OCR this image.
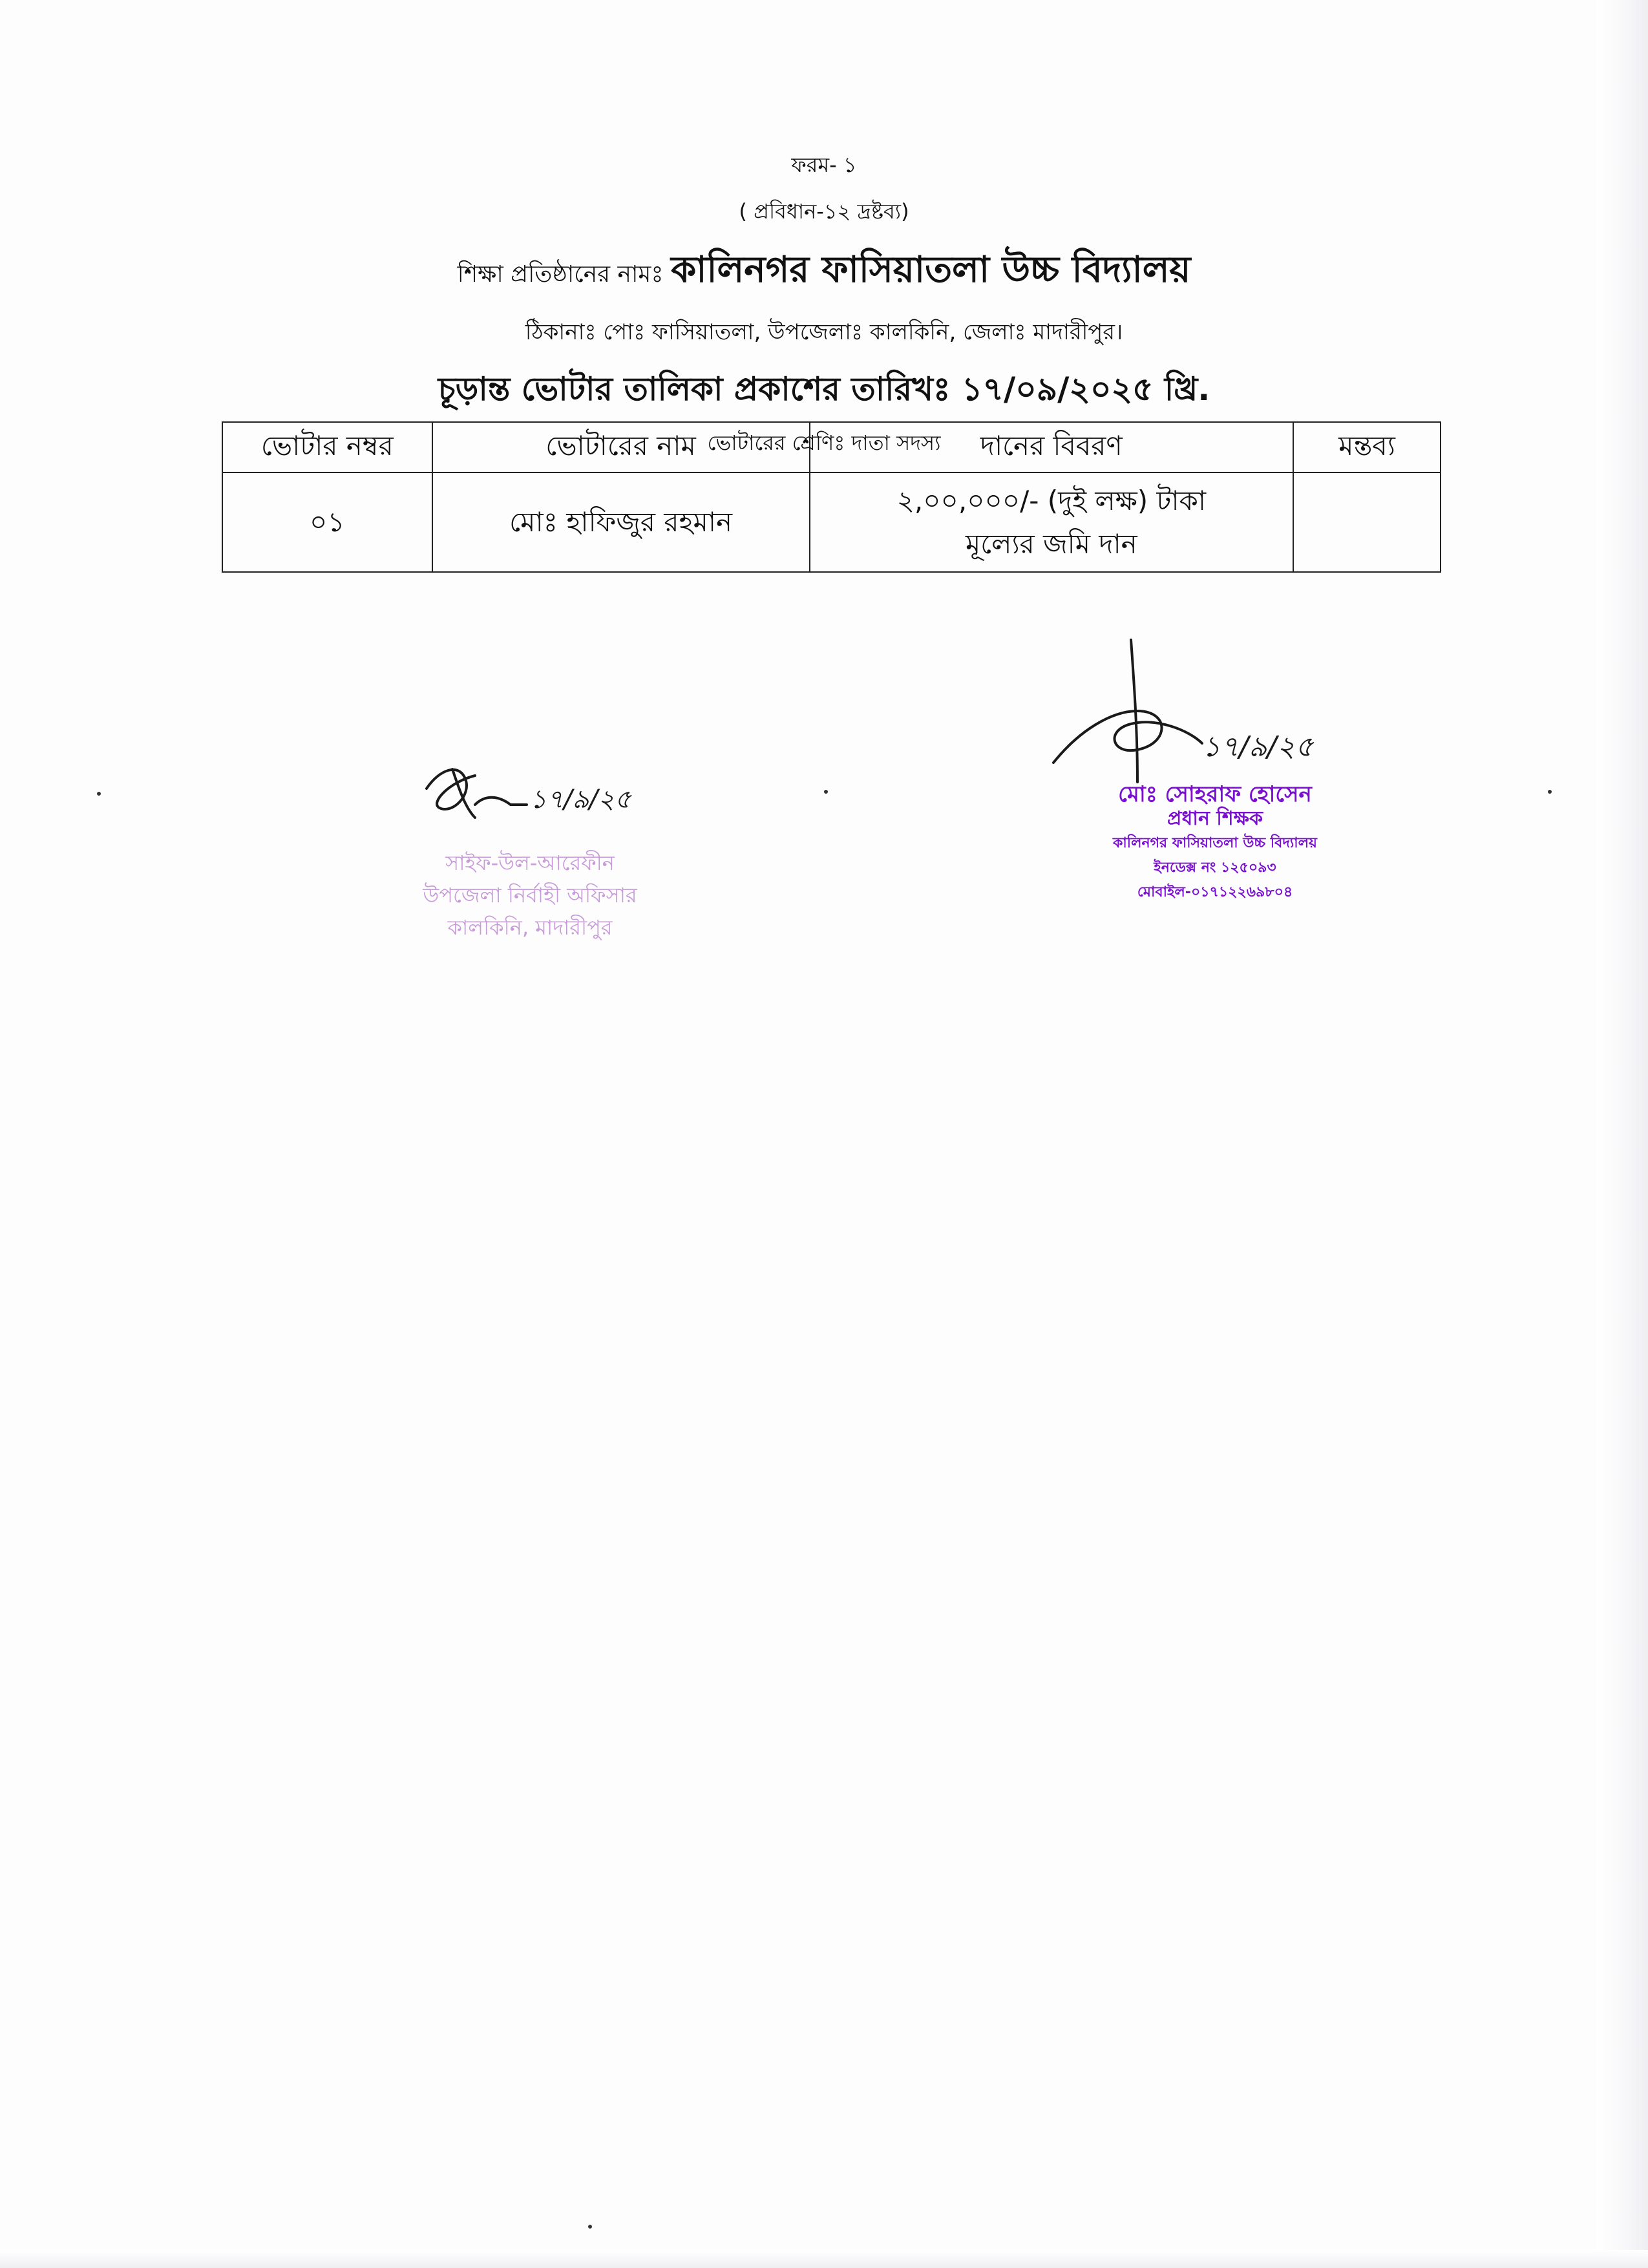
ফরম- ১
( প্রবিধান-১২ দ্রষ্টব্য)
শিক্ষা প্রতিষ্ঠানের নামঃ কালিনগর ফাসিয়াতলা উচ্চ বিদ্যালয়
ঠিকানাঃ পোঃ ফাসিয়াতলা, উপজেলাঃ কালকিনি, জেলাঃ মাদারীপুর।
চূড়ান্ত ভোটার তালিকা প্রকাশের তারিখঃ ১৭/০৯/২০২৫ খ্রি.
ভোটারের শ্রেণিঃ দাতা সদস্য
ভোটার নম্বর	ভোটারের নাম	দানের বিবরণ	মন্তব্য
০১	মোঃ হাফিজুর রহমান	২,০০,০০০/- (দুই লক্ষ) টাকা
মূল্যের জমি দান	

১৭/৯/২৫
১৭/৯/২৫
সাইফ-উল-আরেফীন
উপজেলা নির্বাহী অফিসার
কালকিনি, মাদারীপুর
মোঃ সোহরাফ হোসেন
প্রধান শিক্ষক
কালিনগর ফাসিয়াতলা উচ্চ বিদ্যালয়
ইনডেক্স নং ১২৫০৯৩
মোবাইল-০১৭১২২৬৯৮০৪
